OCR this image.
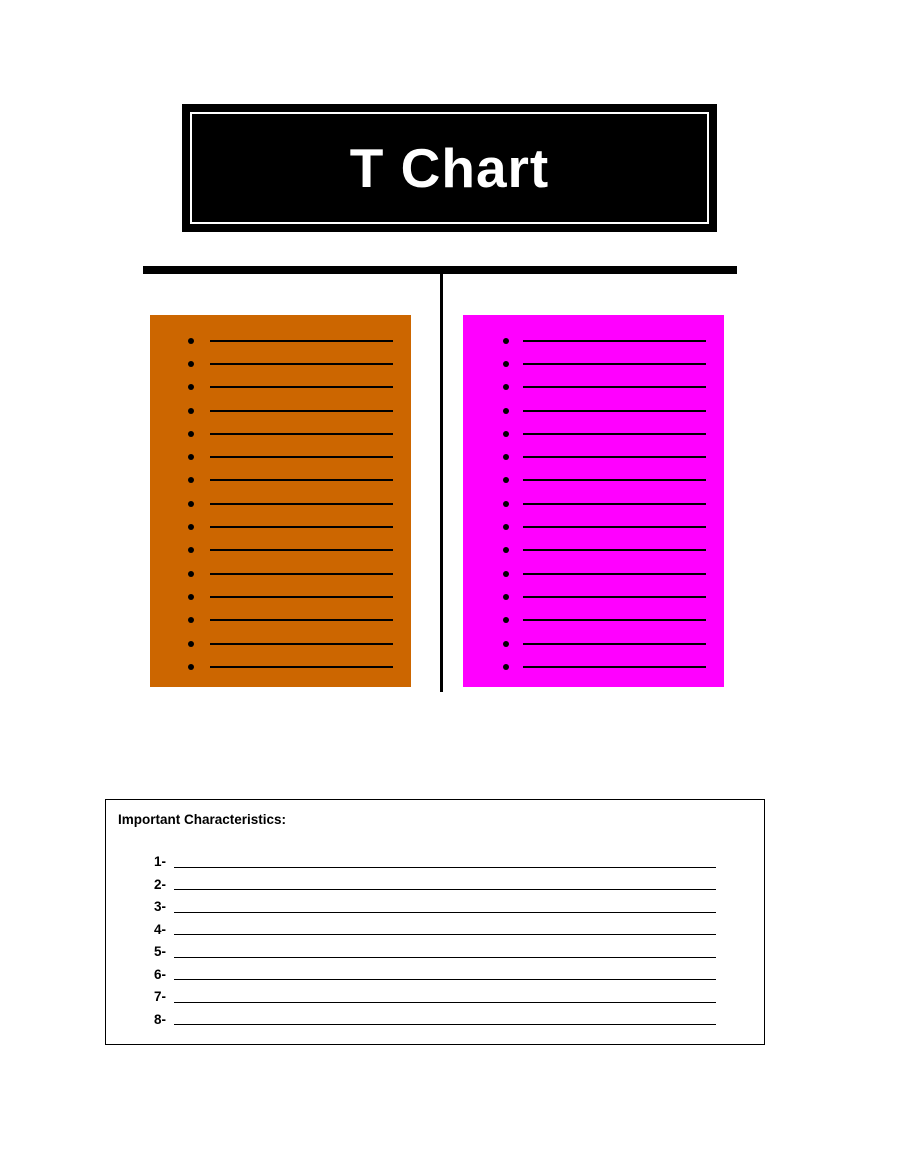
T Chart
Important Characteristics:
1-
2-
3-
4-
5-
6-
7-
8-
